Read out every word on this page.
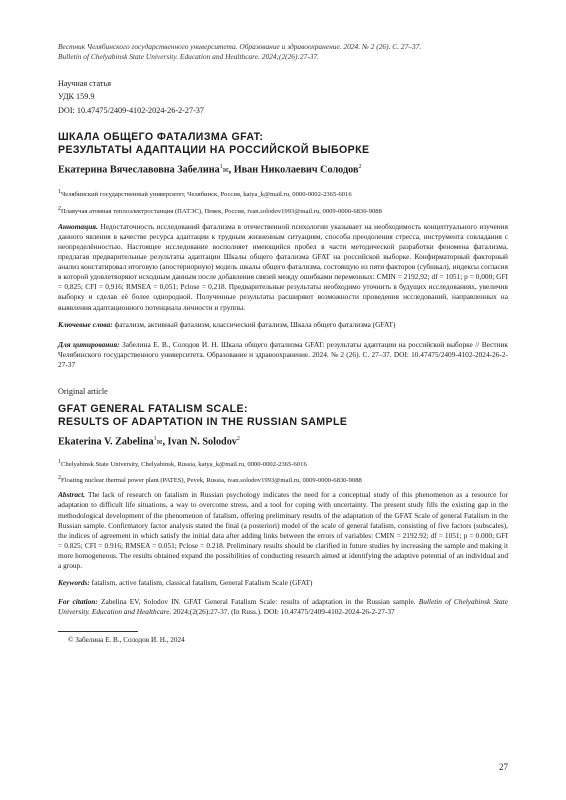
Вестник Челябинского государственного университета. Образование и здравоохранение. 2024. № 2 (26). С. 27–37.
Bulletin of Chelyabinsk State University. Education and Healthcare. 2024;(2(26):27-37.
Научная статья
УДК 159.9
DOI: 10.47475/2409-4102-2024-26-2-27-37
ШКАЛА ОБЩЕГО ФАТАЛИЗМА GFAT:
РЕЗУЛЬТАТЫ АДАПТАЦИИ НА РОССИЙСКОЙ ВЫБОРКЕ
Екатерина Вячеславовна Забелина$^1$✉, Иван Николаевич Солодов$^2$
$^1$Челябинский государственный университет, Челябинск, Россия, katya_k@mail.ru, 0000-0002-2365-6016
$^2$Плавучая атомная теплоэлектростанция (ПАТЭС), Певек, Россия, ivan.solodov1993@mail.ru, 0009-0000-6830-9088
Аннотация. Недостаточность исследований фатализма в отечественной психологии указывает на необходимость концептуального изучения данного явления в качестве ресурса адаптации к трудным жизненным ситуациям, способа преодоления стресса, инструмента совладания с неопределённостью. Настоящее исследование восполняет имеющийся пробел в части методической разработки феномена фатализма, предлагая предварительные результаты адаптации Шкалы общего фатализма GFAT на российской выборке. Конфирматорный факторный анализ констатировал итоговую (апостериорную) модель шкалы общего фатализма, состоящую из пяти факторов (субшкал), индексы согласия в которой удовлетворяют исходным данным после добавления связей между ошибками переменных: CMIN = 2192,92; df = 1051; p = 0,000; GFI = 0,825; CFI = 0,916; RMSEA = 0,051; Pclose = 0,218. Предварительные результаты необходимо уточнить в будущих исследованиях, увеличив выборку и сделав её более однородной. Полученные результаты расширяют возможности проведения исследований, направленных на выявления адаптационного потенциала личности и группы.
Ключевые слова: фатализм, активный фатализм, классический фатализм, Шкала общего фатализма (GFAT)
Для цитирования: Забелина Е. В., Солодов И. Н. Шкала общего фатализма GFAT: результаты адаптации на российской выборке // Вестник Челябинского государственного университета. Образование и здравоохранение. 2024. № 2 (26). С. 27–37. DOI: 10.47475/2409-4102-2024-26-2-27-37
Original article
GFAT GENERAL FATALISM SCALE:
RESULTS OF ADAPTATION IN THE RUSSIAN SAMPLE
Ekaterina V. Zabelina$^1$✉, Ivan N. Solodov$^2$
$^1$Chelyabinsk State University, Chelyabinsk, Russia, katya_k@mail.ru, 0000-0002-2365-6016
$^2$Floating nuclear thermal power plant (PATES), Pevek, Russia, ivan.solodov1993@mail.ru, 0009-0000-6830-9088
Abstract. The lack of research on fatalism in Russian psychology indicates the need for a conceptual study of this phenomenon as a resource for adaptation to difficult life situations, a way to overcome stress, and a tool for coping with uncertainty. The present study fills the existing gap in the methodological development of the phenomenon of fatalism, offering preliminary results of the adaptation of the GFAT Scale of general Fatalism in the Russian sample. Confirmatory factor analysis stated the final (a posteriori) model of the scale of general fatalism, consisting of five factors (subscales), the indices of agreement in which satisfy the initial data after adding links between the errors of variables: CMIN = 2192.92; df = 1051; p = 0.000; GFI = 0.825; CFI = 0.916; RMSEA = 0.051; Pclose = 0.218. Preliminary results should be clarified in future studies by increasing the sample and making it more homogeneous. The results obtained expand the possibilities of conducting research aimed at identifying the adaptive potential of an individual and a group.
Keywords: fatalism, active fatalism, classical fatalism, General Fatalism Scale (GFAT)
For citation: Zabelina EV, Solodov IN. GFAT General Fatalism Scale: results of adaptation in the Russian sample. Bulletin of Chelyabinsk State University. Education and Healthcare. 2024;(2(26):27-37. (In Russ.). DOI: 10.47475/2409-4102-2024-26-2-27-37
© Забелина Е. В., Солодов И. Н., 2024
27
